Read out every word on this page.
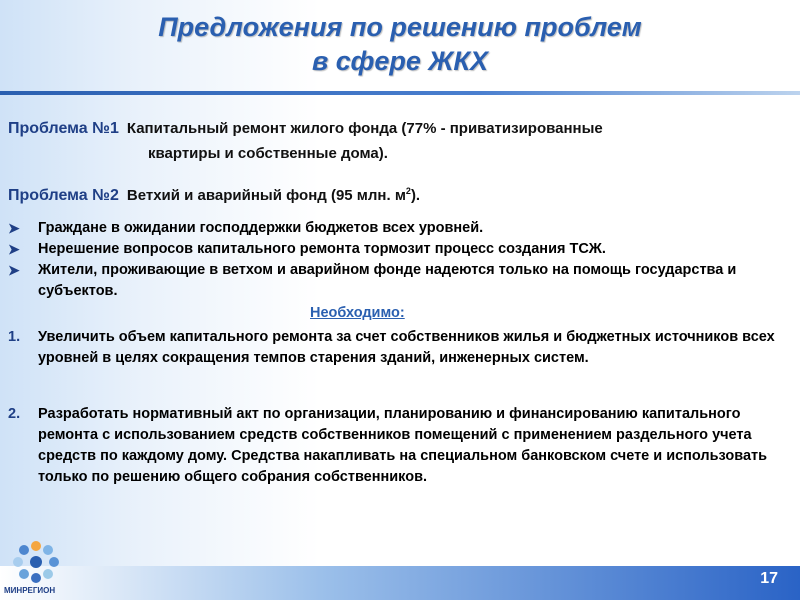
Предложения по решению проблем
в сфере ЖКХ
Проблема №1 Капитальный ремонт жилого фонда (77% - приватизированные
квартиры и собственные дома).
Проблема №2 Ветхий и аварийный фонд (95 млн. $м^2$).
➤ Граждане в ожидании господдержки бюджетов всех уровней.
➤ Нерешение вопросов капитального ремонта тормозит процесс создания ТСЖ.
➤ Жители, проживающие в ветхом и аварийном фонде надеются только на помощь государства и субъектов.
Необходимо:
1. Увеличить объем капитального ремонта за счет собственников жилья и бюджетных источников всех уровней в целях сокращения темпов старения зданий, инженерных систем.
2. Разработать нормативный акт по организации, планированию и финансированию капитального ремонта с использованием средств собственников помещений с применением раздельного учета средств по каждому дому. Средства накапливать на специальном банковском счете и использовать только по решению общего собрания собственников.
МИНРЕГИОН
MyShared
17
